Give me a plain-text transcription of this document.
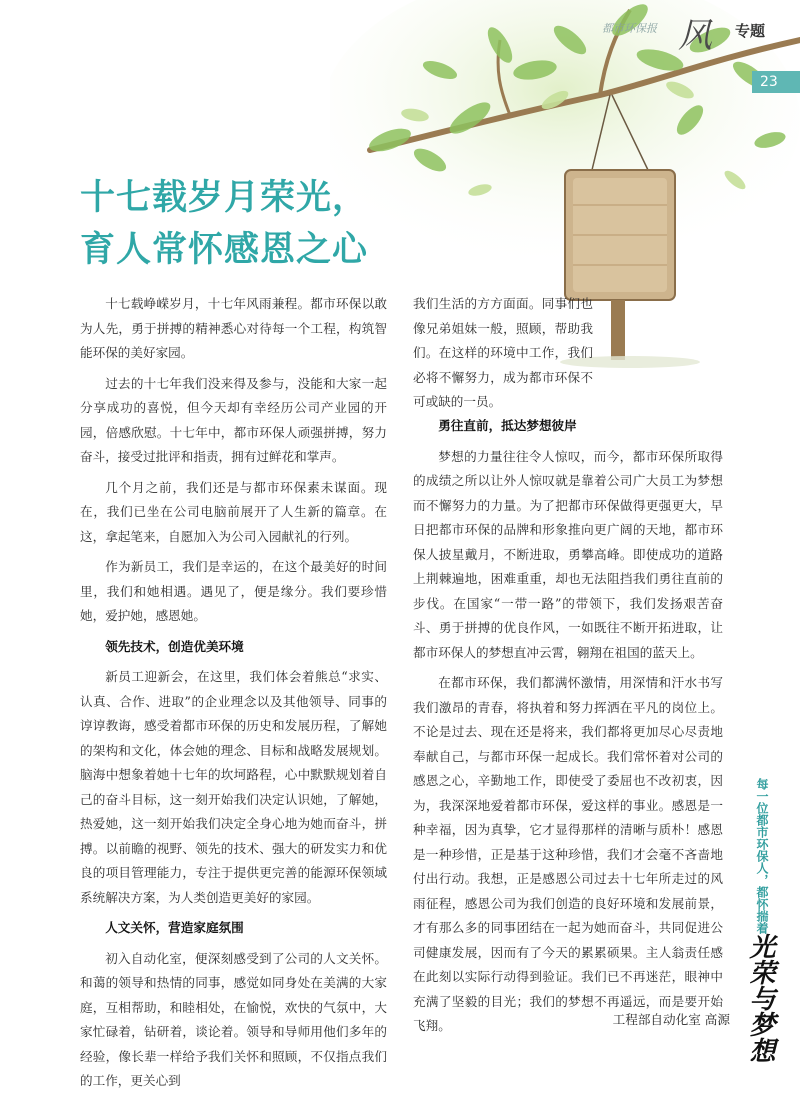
都市环保报 风 专题
23
十七载岁月荣光，
育人常怀感恩之心

十七载峥嵘岁月，十七年风雨兼程。都市环保以敢为人先，勇于拼搏的精神悉心对待每一个工程，构筑智能环保的美好家园。

过去的十七年我们没来得及参与，没能和大家一起分享成功的喜悦，但今天却有幸经历公司产业园的开园，倍感欣慰。十七年中，都市环保人顽强拼搏，努力奋斗，接受过批评和指责，拥有过鲜花和掌声。

几个月之前，我们还是与都市环保素未谋面。现在，我们已坐在公司电脑前展开了人生新的篇章。在这，拿起笔来，自愿加入为公司入园献礼的行列。

作为新员工，我们是幸运的，在这个最美好的时间里，我们和她相遇。遇见了，便是缘分。我们要珍惜她，爱护她，感恩她。

领先技术，创造优美环境

新员工迎新会，在这里，我们体会着熊总“求实、认真、合作、进取”的企业理念以及其他领导、同事的谆谆教诲，感受着都市环保的历史和发展历程，了解她的架构和文化，体会她的理念、目标和战略发展规划。脑海中想象着她十七年的坎坷路程，心中默默规划着自己的奋斗目标，这一刻开始我们决定认识她，了解她，热爱她，这一刻开始我们决定全身心地为她而奋斗，拼搏。以前瞻的视野、领先的技术、强大的研发实力和优良的项目管理能力，专注于提供更完善的能源环保领域系统解决方案，为人类创造更美好的家园。

人文关怀，营造家庭氛围

初入自动化室，便深刻感受到了公司的人文关怀。和蔼的领导和热情的同事，感觉如同身处在美满的大家庭，互相帮助，和睦相处，在愉悦，欢快的气氛中，大家忙碌着，钻研着，谈论着。领导和导师用他们多年的经验，像长辈一样给予我们关怀和照顾，不仅指点我们的工作，更关心到

我们生活的方方面面。同事们也像兄弟姐妹一般，照顾，帮助我们。在这样的环境中工作，我们必将不懈努力，成为都市环保不可或缺的一员。

勇往直前，抵达梦想彼岸

梦想的力量往往令人惊叹，而今，都市环保所取得的成绩之所以让外人惊叹就是靠着公司广大员工为梦想而不懈努力的力量。为了把都市环保做得更强更大，早日把都市环保的品牌和形象推向更广阔的天地，都市环保人披星戴月，不断进取，勇攀高峰。即使成功的道路上荆棘遍地，困难重重，却也无法阻挡我们勇往直前的步伐。在国家“一带一路”的带领下，我们发扬艰苦奋斗、勇于拼搏的优良作风，一如既往不断开拓进取，让都市环保人的梦想直冲云霄，翱翔在祖国的蓝天上。

在都市环保，我们都满怀激情，用深情和汗水书写我们激昂的青春，将执着和努力挥洒在平凡的岗位上。不论是过去、现在还是将来，我们都将更加尽心尽责地奉献自己，与都市环保一起成长。我们常怀着对公司的感恩之心，辛勤地工作，即使受了委屈也不改初衷，因为，我深深地爱着都市环保，爱这样的事业。感恩是一种幸福，因为真挚，它才显得那样的清晰与质朴！感恩是一种珍惜，正是基于这种珍惜，我们才会毫不吝啬地付出行动。我想，正是感恩公司过去十七年所走过的风雨征程，感恩公司为我们创造的良好环境和发展前景，才有那么多的同事团结在一起为她而奋斗，共同促进公司健康发展，因而有了今天的累累硕果。主人翁责任感在此刻以实际行动得到验证。我们已不再迷茫，眼神中充满了坚毅的目光；我们的梦想不再遥远，而是要开始飞翔。	工程部自动化室 高源
每一位都市环保人，都怀揣着
光荣与梦想
